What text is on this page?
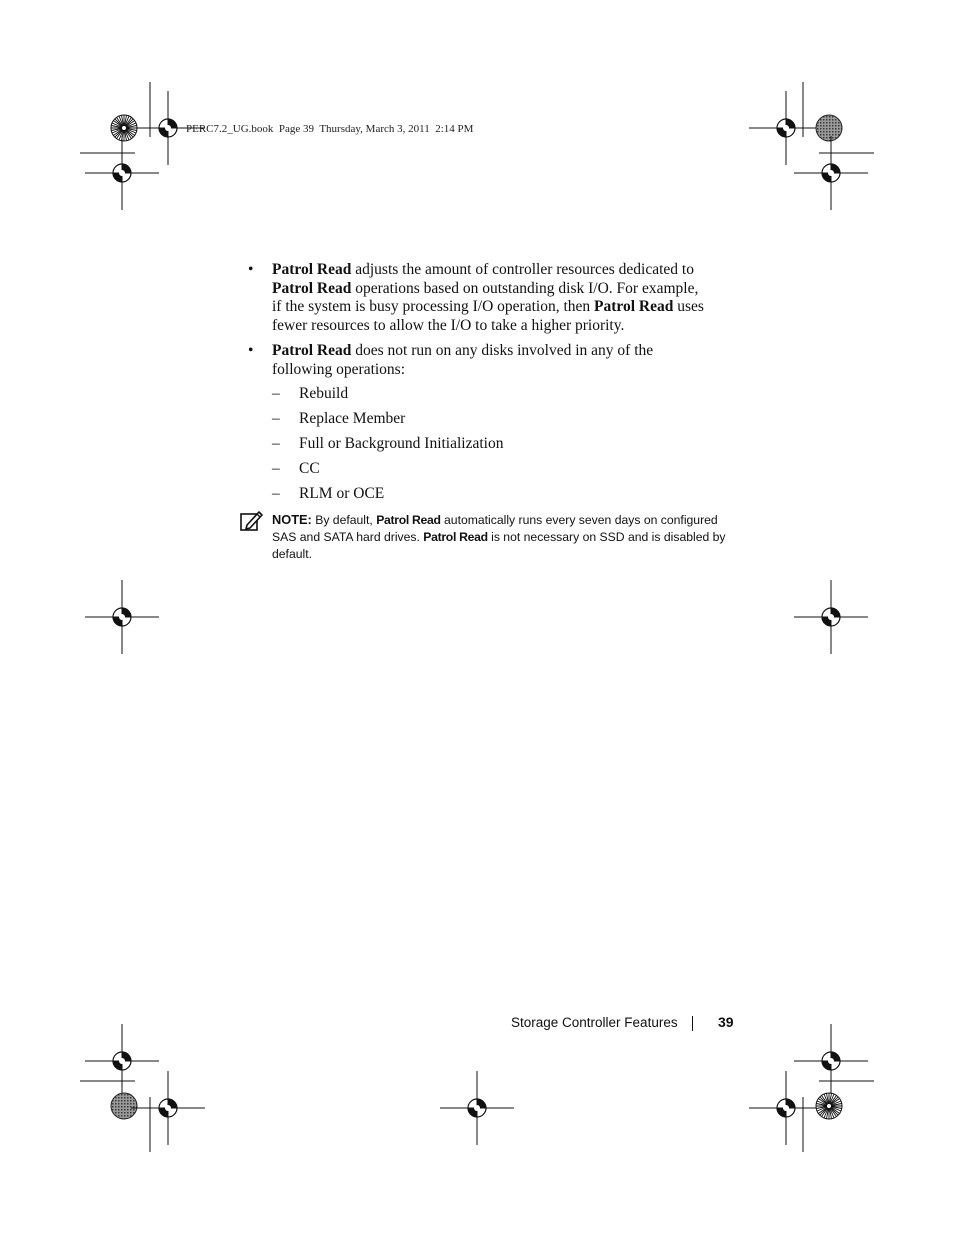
PERC7.2_UG.book  Page 39  Thursday, March 3, 2011  2:14 PM
•	Patrol Read adjusts the amount of controller resources dedicated to
Patrol Read operations based on outstanding disk I/O. For example,
if the system is busy processing I/O operation, then Patrol Read uses
fewer resources to allow the I/O to take a higher priority.
•	Patrol Read does not run on any disks involved in any of the
following operations:
– Rebuild
– Replace Member
– Full or Background Initialization
– CC
– RLM or OCE
NOTE: By default, Patrol Read automatically runs every seven days on configured
SAS and SATA hard drives. Patrol Read is not necessary on SSD and is disabled by
default.
Storage Controller Features	39
